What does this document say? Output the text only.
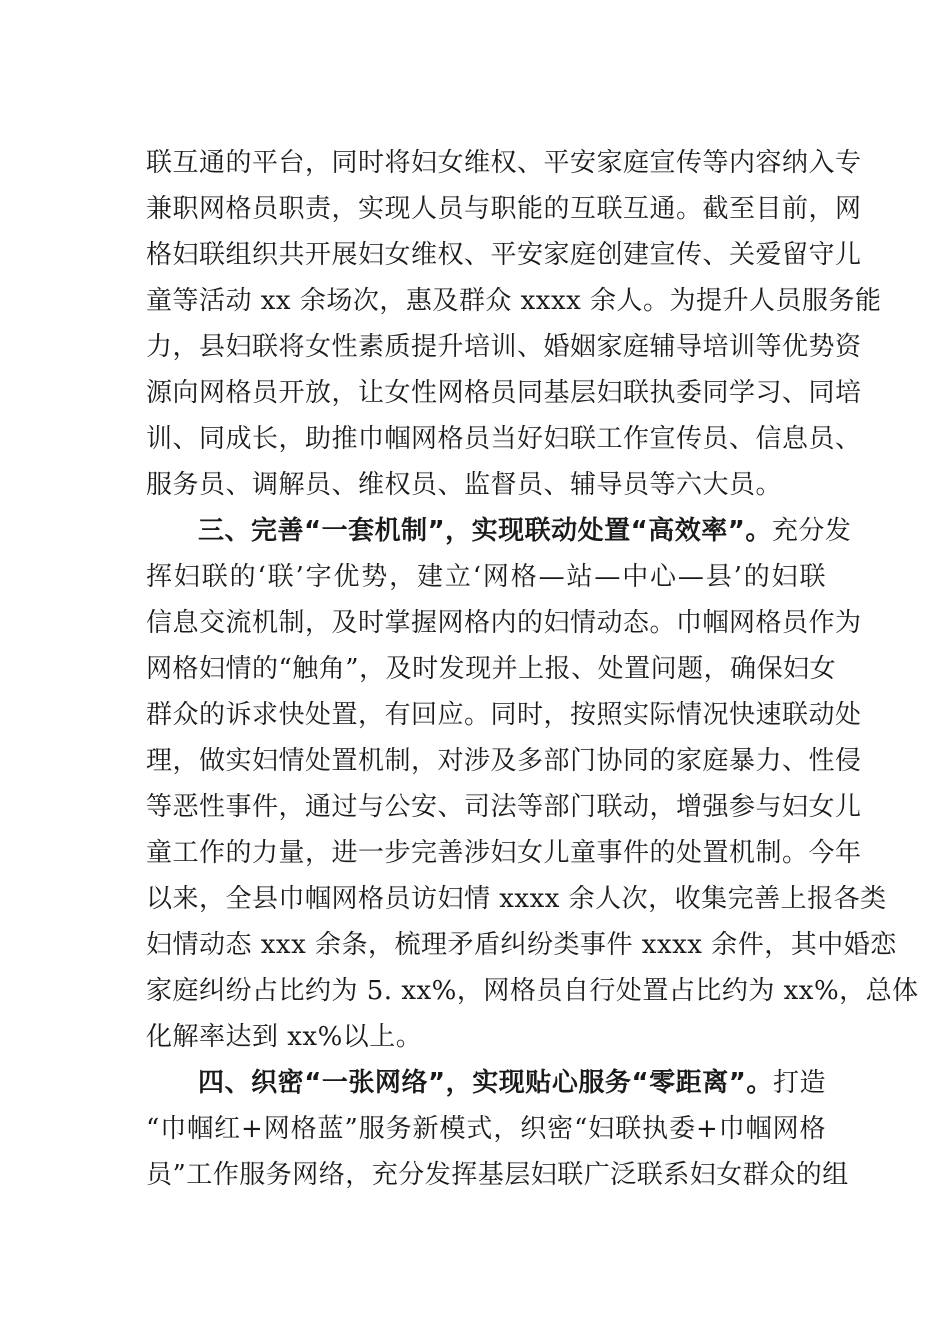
联互通的平台，同时将妇女维权、平安家庭宣传等内容纳入专
兼职网格员职责，实现人员与职能的互联互通。截至目前，网
格妇联组织共开展妇女维权、平安家庭创建宣传、关爱留守儿
童等活动 xx 余场次，惠及群众 xxxx 余人。为提升人员服务能
力，县妇联将女性素质提升培训、婚姻家庭辅导培训等优势资
源向网格员开放，让女性网格员同基层妇联执委同学习、同培
训、同成长，助推巾帼网格员当好妇联工作宣传员、信息员、
服务员、调解员、维权员、监督员、辅导员等六大员。
三、完善“一套机制”，实现联动处置“高效率”。充分发
挥妇联的‘联’字优势，建立‘网格—站—中心—县’的妇联
信息交流机制，及时掌握网格内的妇情动态。巾帼网格员作为
网格妇情的“触角”，及时发现并上报、处置问题，确保妇女
群众的诉求快处置，有回应。同时，按照实际情况快速联动处
理，做实妇情处置机制，对涉及多部门协同的家庭暴力、性侵
等恶性事件，通过与公安、司法等部门联动，增强参与妇女儿
童工作的力量，进一步完善涉妇女儿童事件的处置机制。今年
以来，全县巾帼网格员访妇情 xxxx 余人次，收集完善上报各类
妇情动态 xxx 余条，梳理矛盾纠纷类事件 xxxx 余件，其中婚恋
家庭纠纷占比约为 5. xx%，网格员自行处置占比约为 xx%，总体
化解率达到 xx%以上。
四、织密“一张网络”，实现贴心服务“零距离”。打造
“巾帼红+网格蓝”服务新模式，织密“妇联执委+巾帼网格
员”工作服务网络，充分发挥基层妇联广泛联系妇女群众的组
